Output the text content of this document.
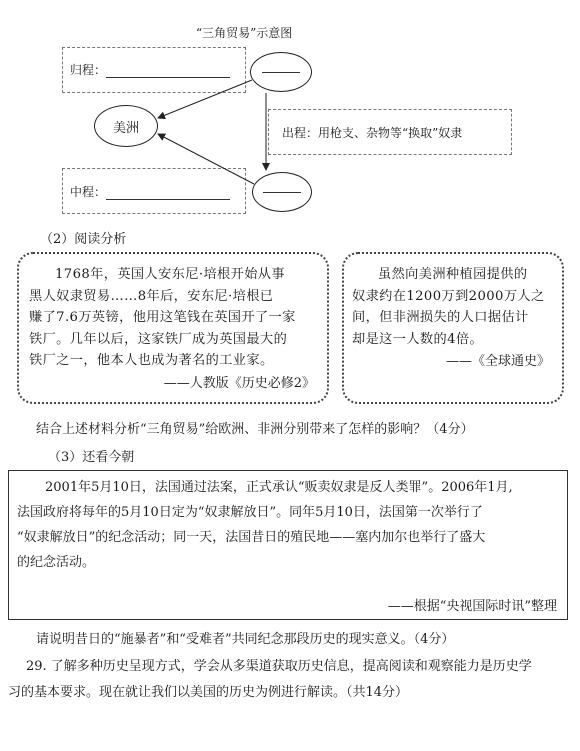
“三角贸易”示意图
归程：
美洲	出程：用枪支、杂物等“换取”奴隶
中程：
（2）阅读分析
1768年，英国人安东尼·培根开始从事
黑人奴隶贸易……8年后，安东尼·培根已
赚了7.6万英镑，他用这笔钱在英国开了一家
铁厂。几年以后，这家铁厂成为英国最大的
铁厂之一，他本人也成为著名的工业家。
——人教版《历史必修2》
虽然向美洲种植园提供的
奴隶约在1200万到2000万人之
间，但非洲损失的人口据估计
却是这一人数的4倍。
——《全球通史》
结合上述材料分析“三角贸易”给欧洲、非洲分别带来了怎样的影响？（4分）
（3）还看今朝
2001年5月10日，法国通过法案，正式承认“贩卖奴隶是反人类罪”。2006年1月,
法国政府将每年的5月10日定为“奴隶解放日”。同年5月10日，法国第一次举行了
“奴隶解放日”的纪念活动；同一天，法国昔日的殖民地——塞内加尔也举行了盛大
的纪念活动。
——根据“央视国际时讯”整理
请说明昔日的“施暴者”和“受难者”共同纪念那段历史的现实意义。（4分）
29. 了解多种历史呈现方式，学会从多渠道获取历史信息，提高阅读和观察能力是历史学
习的基本要求。现在就让我们以美国的历史为例进行解读。（共14分）
